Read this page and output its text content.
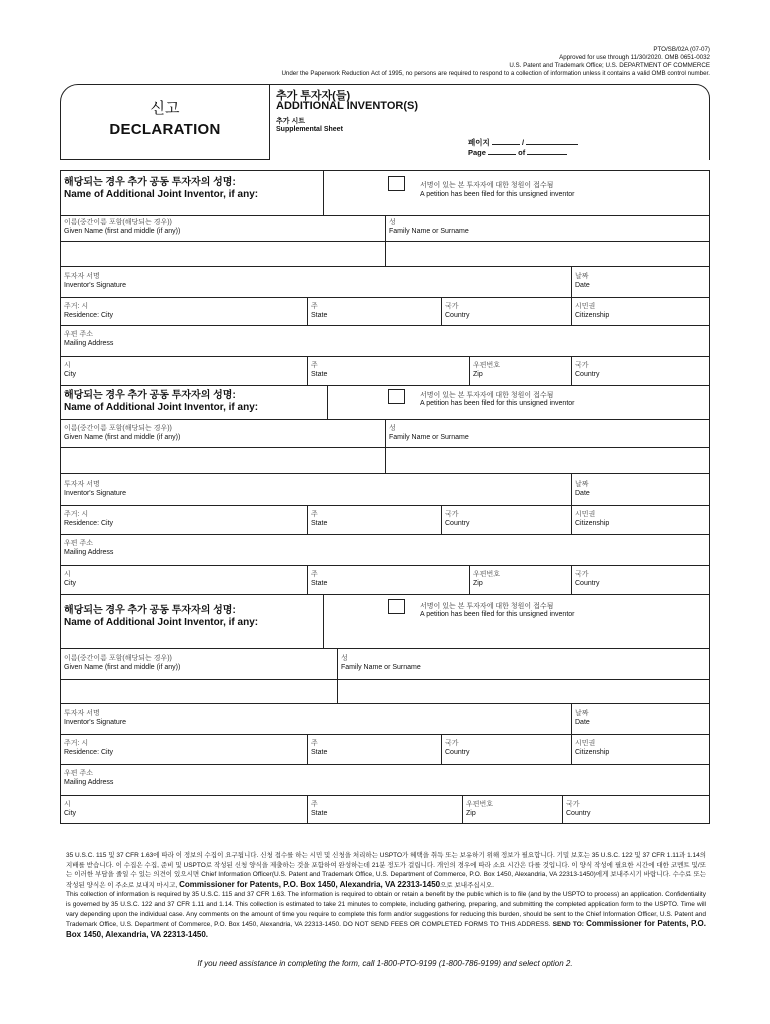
PTO/SB/02A (07-07)
Approved for use through 11/30/2020. OMB 0651-0032
U.S. Patent and Trademark Office; U.S. DEPARTMENT OF COMMERCE
Under the Paperwork Reduction Act of 1995, no persons are required to respond to a collection of information unless it contains a valid OMB control number.
신고
DECLARATION
추가 투자자(들)
ADDITIONAL INVENTOR(S)
추가 시트
Supplemental Sheet
페이지	/
Page	of
해당되는 경우 추가 공동 투자자의 성명:
Name of Additional Joint Inventor, if any:
서명이 있는 본 투자자에 대한 청원이 접수됨
A petition has been filed for this unsigned inventor
이름(중간이름 포함(해당되는 경우))
Given Name (first and middle (if any))
성
Family Name or Surname
투자자 서명
Inventor's Signature
날짜
Date
주거: 시
Residence: City
주
State
국가
Country
시민권
Citizenship
우편 주소
Mailing Address
시
City
주
State
우편번호
Zip
국가
Country
해당되는 경우 추가 공동 투자자의 성명:
Name of Additional Joint Inventor, if any:
서명이 있는 본 투자자에 대한 청원이 접수됨
A petition has been filed for this unsigned inventor
이름(중간이름 포함(해당되는 경우))
Given Name (first and middle (if any))
성
Family Name or Surname
투자자 서명
Inventor's Signature
날짜
Date
주거: 시
Residence: City
주
State
국가
Country
시민권
Citizenship
우편 주소
Mailing Address
시
City
주
State
우편번호
Zip
국가
Country
해당되는 경우 추가 공동 투자자의 성명:
Name of Additional Joint Inventor, if any:
서명이 있는 본 투자자에 대한 청원이 접수됨
A petition has been filed for this unsigned inventor
이름(중간이름 포함(해당되는 경우))
Given Name (first and middle (if any))
성
Family Name or Surname
투자자 서명
Inventor's Signature
날짜
Date
주거: 시
Residence: City
주
State
국가
Country
시민권
Citizenship
우편 주소
Mailing Address
시
City
주
State
우편번호
Zip
국가
Country
35 U.S.C. 115 및 37 CFR 1.63에 따라 이 정보의 수집이 요구됩니다. 신청 접수를 하는 시민 및 신청을 처리하는 USPTO가 혜택을 취득 또는 보유하기 위해 정보가 필요합니다. 기밀 보호는 35 U.S.C. 122 및 37 CFR 1.11과 1.14의 지배를 받습니다. 이 수집은 수집, 준비 및 USPTO로 작성된 신청 양식을 제출하는 것을 포함하여 완성하는데 21분 정도가 걸립니다. 개인의 경우에 따라 소요 시간은 다를 것입니다. 이 양식 작성에 필요한 시간에 대한 코멘트 및/또는 이러한 부담을 줄일 수 있는 의견이 있으시면 Chief Information Officer(U.S. Patent and Trademark Office, U.S. Department of Commerce, P.O. Box 1450, Alexandria, VA 22313-1450)에게 보내주시기 바랍니다. 수수료 또는 작성된 양식은 이 주소로 보내지 마시고, Commissioner for Patents, P.O. Box 1450, Alexandria, VA 22313-1450으로 보내주십시오.
This collection of information is required by 35 U.S.C. 115 and 37 CFR 1.63. The information is required to obtain or retain a benefit by the public which is to file (and by the USPTO to process) an application. Confidentiality is governed by 35 U.S.C. 122 and 37 CFR 1.11 and 1.14. This collection is estimated to take 21 minutes to complete, including gathering, preparing, and submitting the completed application form to the USPTO. Time will vary depending upon the individual case. Any comments on the amount of time you require to complete this form and/or suggestions for reducing this burden, should be sent to the Chief Information Officer, U.S. Patent and Trademark Office, U.S. Department of Commerce, P.O. Box 1450, Alexandria, VA 22313-1450. DO NOT SEND FEES OR COMPLETED FORMS TO THIS ADDRESS. SEND TO: Commissioner for Patents, P.O. Box 1450, Alexandria, VA 22313-1450.
If you need assistance in completing the form, call 1-800-PTO-9199 (1-800-786-9199) and select option 2.
